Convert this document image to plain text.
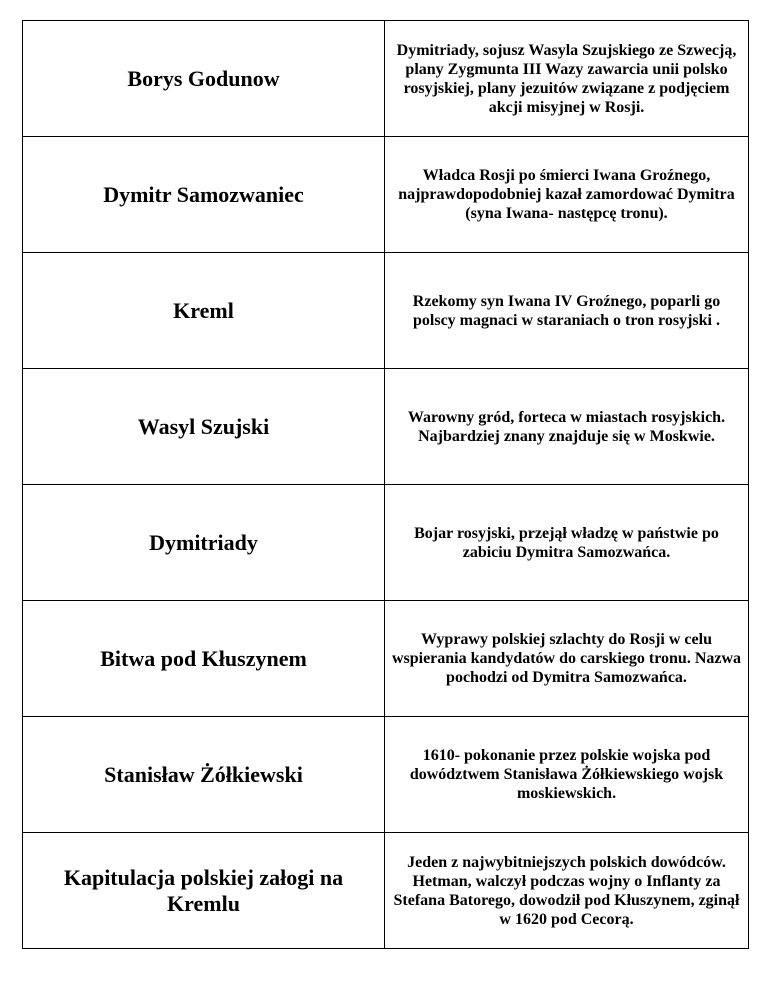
Borys Godunow	Dymitriady, sojusz Wasyla Szujskiego ze Szwecją, plany Zygmunta III Wazy zawarcia unii polsko rosyjskiej, plany jezuitów związane z podjęciem akcji misyjnej w Rosji.
Dymitr Samozwaniec	Władca Rosji po śmierci Iwana Groźnego, najprawdopodobniej kazał zamordować Dymitra (syna Iwana- następcę tronu).
Kreml	Rzekomy syn Iwana IV Groźnego, poparli go polscy magnaci w staraniach o tron rosyjski .
Wasyl Szujski	Warowny gród, forteca w miastach rosyjskich. Najbardziej znany znajduje się w Moskwie.
Dymitriady	Bojar rosyjski, przejął władzę w państwie po zabiciu Dymitra Samozwańca.
Bitwa pod Kłuszynem	Wyprawy polskiej szlachty do Rosji w celu wspierania kandydatów do carskiego tronu. Nazwa pochodzi od Dymitra Samozwańca.
Stanisław Żółkiewski	1610- pokonanie przez polskie wojska pod dowództwem Stanisława Żółkiewskiego wojsk moskiewskich.
Kapitulacja polskiej załogi na Kremlu	Jeden z najwybitniejszych polskich dowódców. Hetman, walczył podczas wojny o Inflanty za Stefana Batorego, dowodził pod Kłuszynem, zginął w 1620 pod Cecorą.
